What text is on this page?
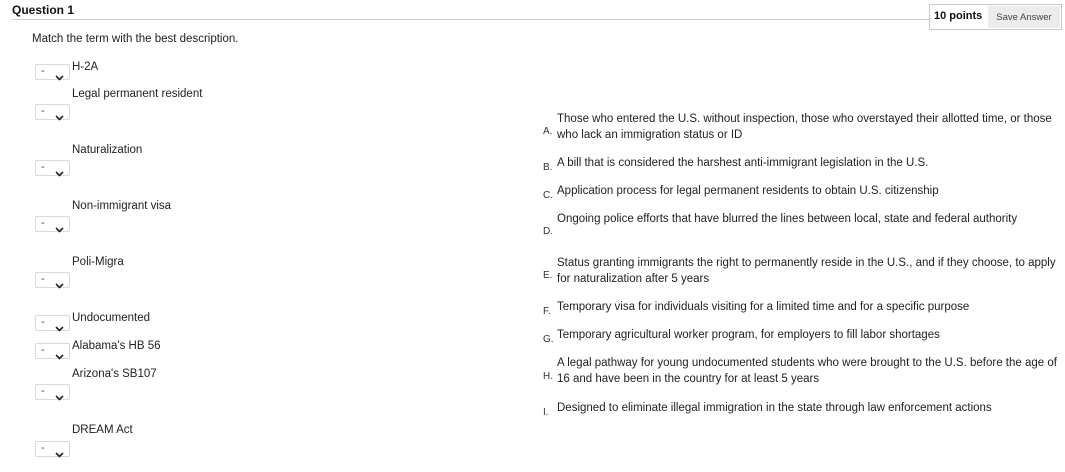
Question 1	10 points	Save Answer
Match the term with the best description.
- H-2A
Legal permanent resident
-
Naturalization
-
Non-immigrant visa
-
Poli-Migra
-
- Undocumented
- Alabama's HB 56
Arizona's SB107
-
DREAM Act
-
A.
Those who entered the U.S. without inspection, those who overstayed their allotted time, or those who lack an immigration status or ID
B. A bill that is considered the harshest anti-immigrant legislation in the U.S.
C. Application process for legal permanent residents to obtain U.S. citizenship
D.
Ongoing police efforts that have blurred the lines between local, state and federal authority
E.
Status granting immigrants the right to permanently reside in the U.S., and if they choose, to apply for naturalization after 5 years
F. Temporary visa for individuals visiting for a limited time and for a specific purpose
G. Temporary agricultural worker program, for employers to fill labor shortages
H.
A legal pathway for young undocumented students who were brought to the U.S. before the age of 16 and have been in the country for at least 5 years
I. Designed to eliminate illegal immigration in the state through law enforcement actions
